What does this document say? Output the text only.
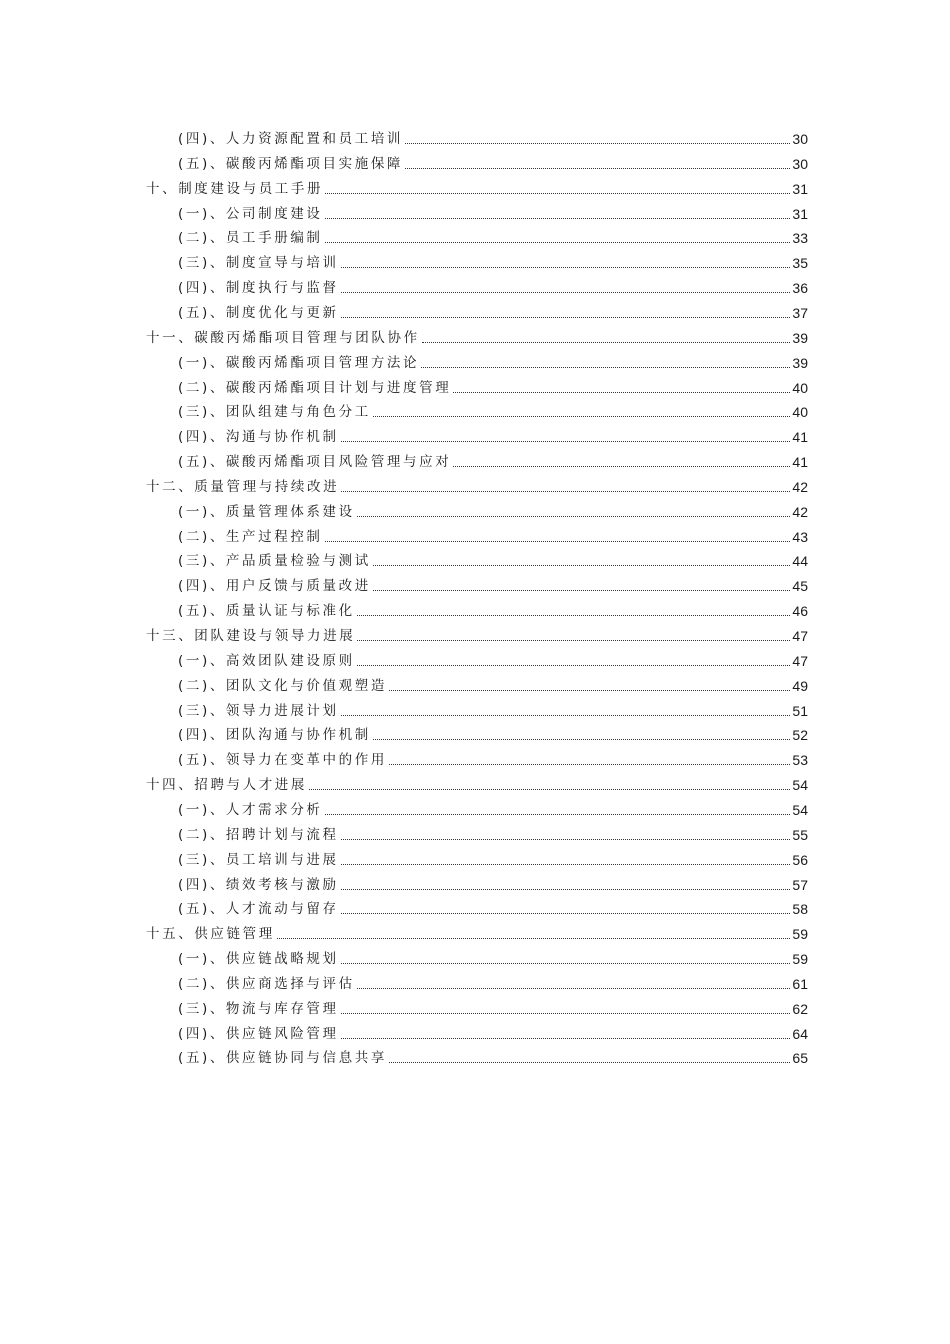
(四)、人力资源配置和员工培训	30
(五)、碳酸丙烯酯项目实施保障	30
十、制度建设与员工手册	31
(一)、公司制度建设	31
(二)、员工手册编制	33
(三)、制度宣导与培训	35
(四)、制度执行与监督	36
(五)、制度优化与更新	37
十一、碳酸丙烯酯项目管理与团队协作	39
(一)、碳酸丙烯酯项目管理方法论	39
(二)、碳酸丙烯酯项目计划与进度管理	40
(三)、团队组建与角色分工	40
(四)、沟通与协作机制	41
(五)、碳酸丙烯酯项目风险管理与应对	41
十二、质量管理与持续改进	42
(一)、质量管理体系建设	42
(二)、生产过程控制	43
(三)、产品质量检验与测试	44
(四)、用户反馈与质量改进	45
(五)、质量认证与标准化	46
十三、团队建设与领导力进展	47
(一)、高效团队建设原则	47
(二)、团队文化与价值观塑造	49
(三)、领导力进展计划	51
(四)、团队沟通与协作机制	52
(五)、领导力在变革中的作用	53
十四、招聘与人才进展	54
(一)、人才需求分析	54
(二)、招聘计划与流程	55
(三)、员工培训与进展	56
(四)、绩效考核与激励	57
(五)、人才流动与留存	58
十五、供应链管理	59
(一)、供应链战略规划	59
(二)、供应商选择与评估	61
(三)、物流与库存管理	62
(四)、供应链风险管理	64
(五)、供应链协同与信息共享	65
